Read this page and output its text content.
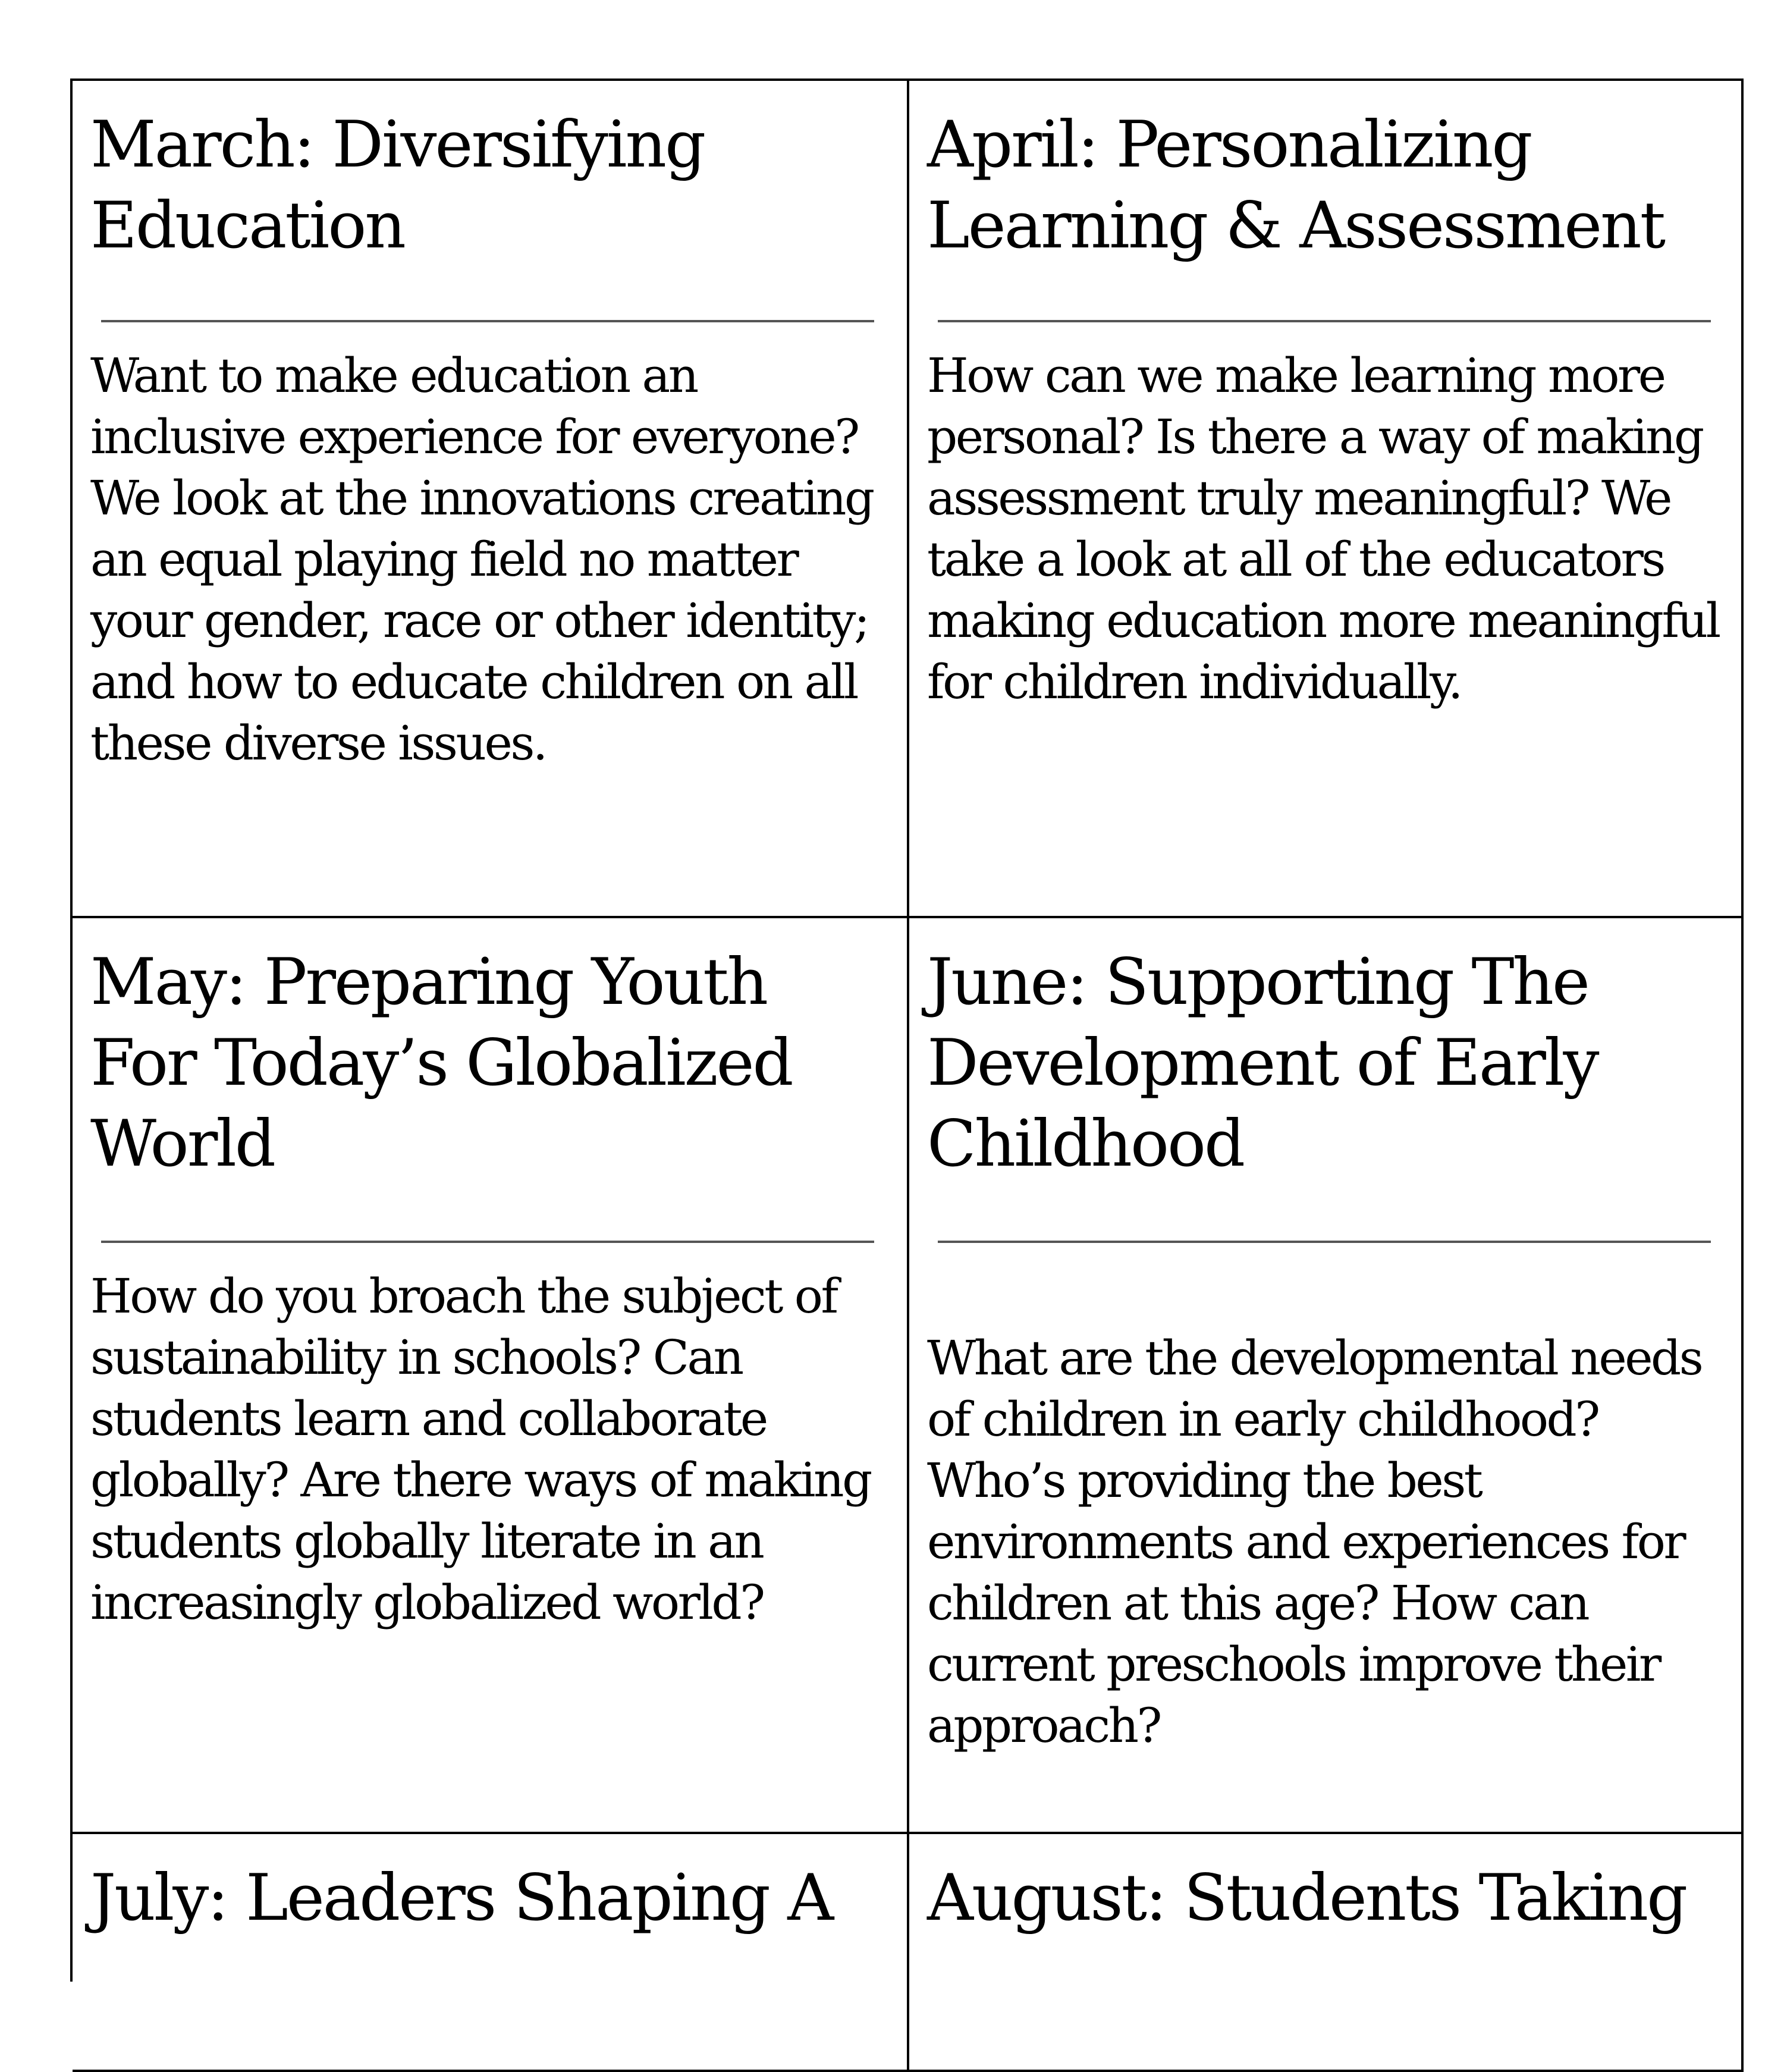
March: Diversifying Education

Want to make education an inclusive experience for everyone? We look at the innovations creating an equal playing field no matter your gender, race or other identity; and how to educate children on all these diverse issues.

April: Personalizing Learning & Assessment

How can we make learning more personal? Is there a way of making assessment truly meaningful? We take a look at all of the educators making education more meaningful for children individually.

May: Preparing Youth For Today’s Globalized World

How do you broach the subject of sustainability in schools? Can students learn and collaborate globally? Are there ways of making students globally literate in an increasingly globalized world?

June: Supporting The Development of Early Childhood

What are the developmental needs of children in early childhood? Who’s providing the best environments and experiences for children at this age? How can current preschools improve their approach?

July: Leaders Shaping A	August: Students Taking
